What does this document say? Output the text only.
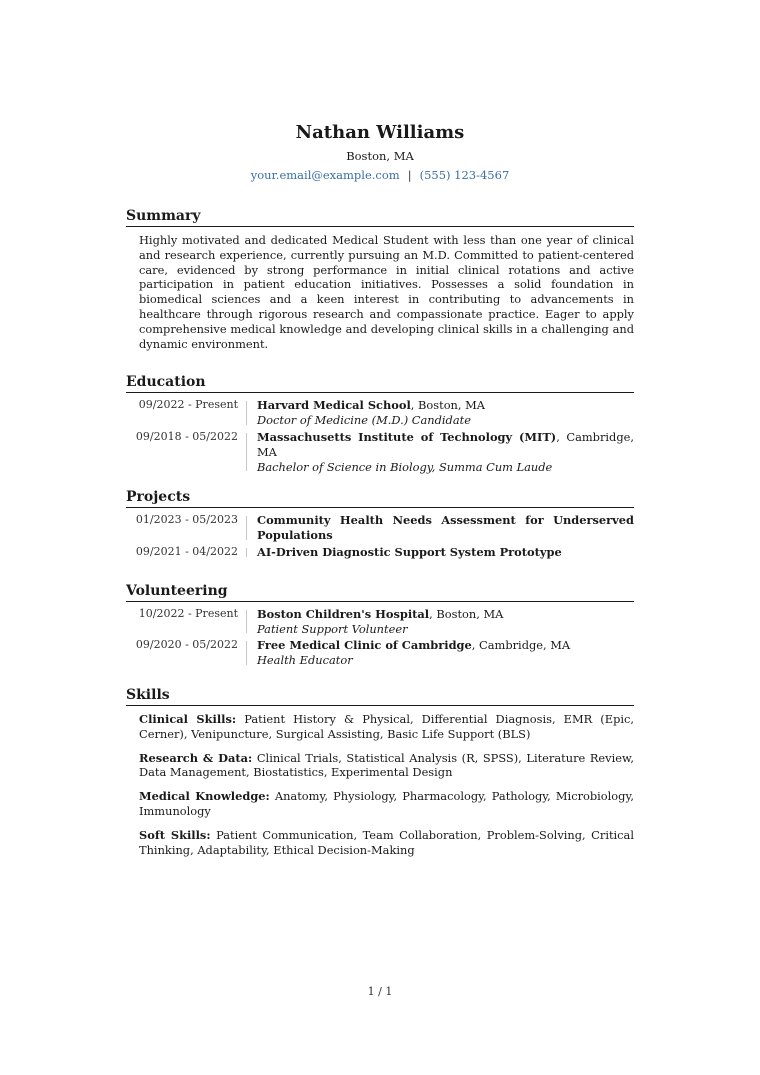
Nathan Williams
Boston, MA
your.email@example.com | (555) 123-4567
Summary

Highly motivated and dedicated Medical Student with less than one year of clinical and research experience, currently pursuing an M.D. Committed to patient-centered care, evidenced by strong performance in initial clinical rotations and active participation in patient education initiatives. Possesses a solid foundation in biomedical sciences and a keen interest in contributing to advancements in healthcare through rigorous research and compassionate practice. Eager to apply comprehensive medical knowledge and developing clinical skills in a challenging and dynamic environment.

Education
09/2022 - Present	Harvard Medical School, Boston, MA
Doctor of Medicine (M.D.) Candidate
09/2018 - 05/2022	Massachusetts Institute of Technology (MIT), Cambridge, MA
Bachelor of Science in Biology, Summa Cum Laude
Projects
01/2023 - 05/2023	Community Health Needs Assessment for Underserved Populations
09/2021 - 04/2022	AI-Driven Diagnostic Support System Prototype
Volunteering
10/2022 - Present	Boston Children's Hospital, Boston, MA
Patient Support Volunteer
09/2020 - 05/2022	Free Medical Clinic of Cambridge, Cambridge, MA
Health Educator
Skills
Clinical Skills: Patient History & Physical, Differential Diagnosis, EMR (Epic, Cerner), Venipuncture, Surgical Assisting, Basic Life Support (BLS)
Research & Data: Clinical Trials, Statistical Analysis (R, SPSS), Literature Review, Data Management, Biostatistics, Experimental Design
Medical Knowledge: Anatomy, Physiology, Pharmacology, Pathology, Microbiology, Immunology
Soft Skills: Patient Communication, Team Collaboration, Problem-Solving, Critical Thinking, Adaptability, Ethical Decision-Making
1 / 1
